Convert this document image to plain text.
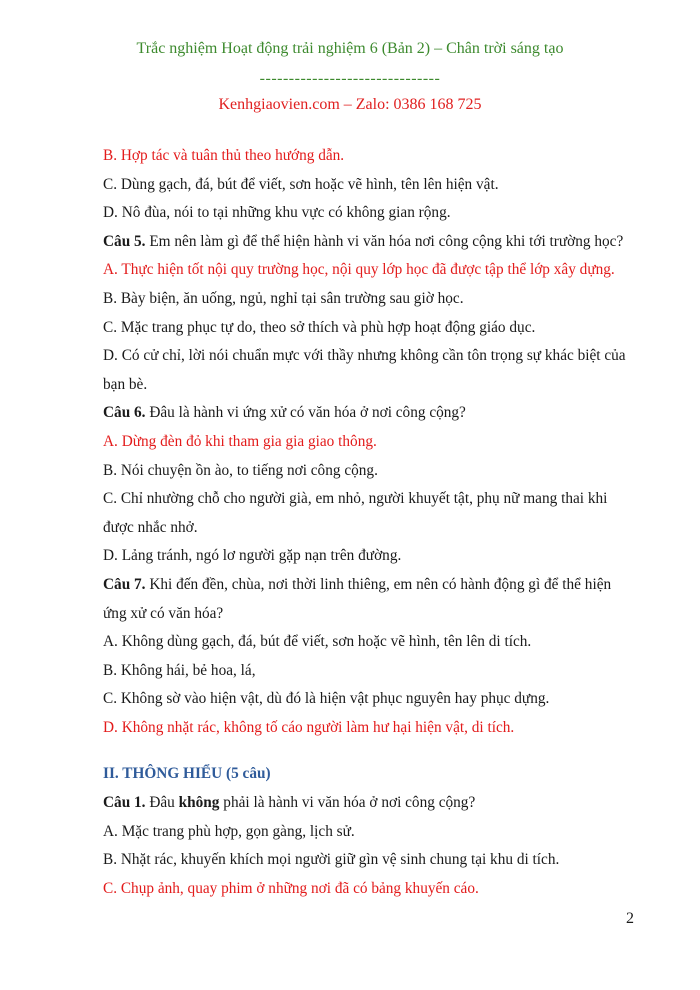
Trắc nghiệm Hoạt động trải nghiệm 6 (Bản 2) – Chân trời sáng tạo
-------------------------------
Kenhgiaovien.com – Zalo: 0386 168 725

B. Hợp tác và tuân thủ theo hướng dẫn.

C. Dùng gạch, đá, bút để viết, sơn hoặc vẽ hình, tên lên hiện vật.

D. Nô đùa, nói to tại những khu vực có không gian rộng.

Câu 5. Em nên làm gì để thể hiện hành vi văn hóa nơi công cộng khi tới trường học?

A. Thực hiện tốt nội quy trường học, nội quy lớp học đã được tập thể lớp xây dựng.

B. Bày biện, ăn uống, ngủ, nghỉ tại sân trường sau giờ học.

C. Mặc trang phục tự do, theo sở thích và phù hợp hoạt động giáo dục.

D. Có cử chỉ, lời nói chuẩn mực với thầy nhưng không cần tôn trọng sự khác biệt của

bạn bè.

Câu 6. Đâu là hành vi ứng xử có văn hóa ở nơi công cộng?

A. Dừng đèn đỏ khi tham gia gia giao thông.

B. Nói chuyện ồn ào, to tiếng nơi công cộng.

C. Chỉ nhường chỗ cho người già, em nhỏ, người khuyết tật, phụ nữ mang thai khi

được nhắc nhở.

D. Lảng tránh, ngó lơ người gặp nạn trên đường.

Câu 7. Khi đến đền, chùa, nơi thời linh thiêng, em nên có hành động gì để thể hiện

ứng xử có văn hóa?

A. Không dùng gạch, đá, bút để viết, sơn hoặc vẽ hình, tên lên di tích.

B. Không hái, bẻ hoa, lá,

C. Không sờ vào hiện vật, dù đó là hiện vật phục nguyên hay phục dựng.

D. Không nhặt rác, không tố cáo người làm hư hại hiện vật, di tích.

II. THÔNG HIỂU (5 câu)

Câu 1. Đâu không phải là hành vi văn hóa ở nơi công cộng?

A. Mặc trang phù hợp, gọn gàng, lịch sử.

B. Nhặt rác, khuyến khích mọi người giữ gìn vệ sinh chung tại khu di tích.

C. Chụp ảnh, quay phim ở những nơi đã có bảng khuyến cáo.

2
